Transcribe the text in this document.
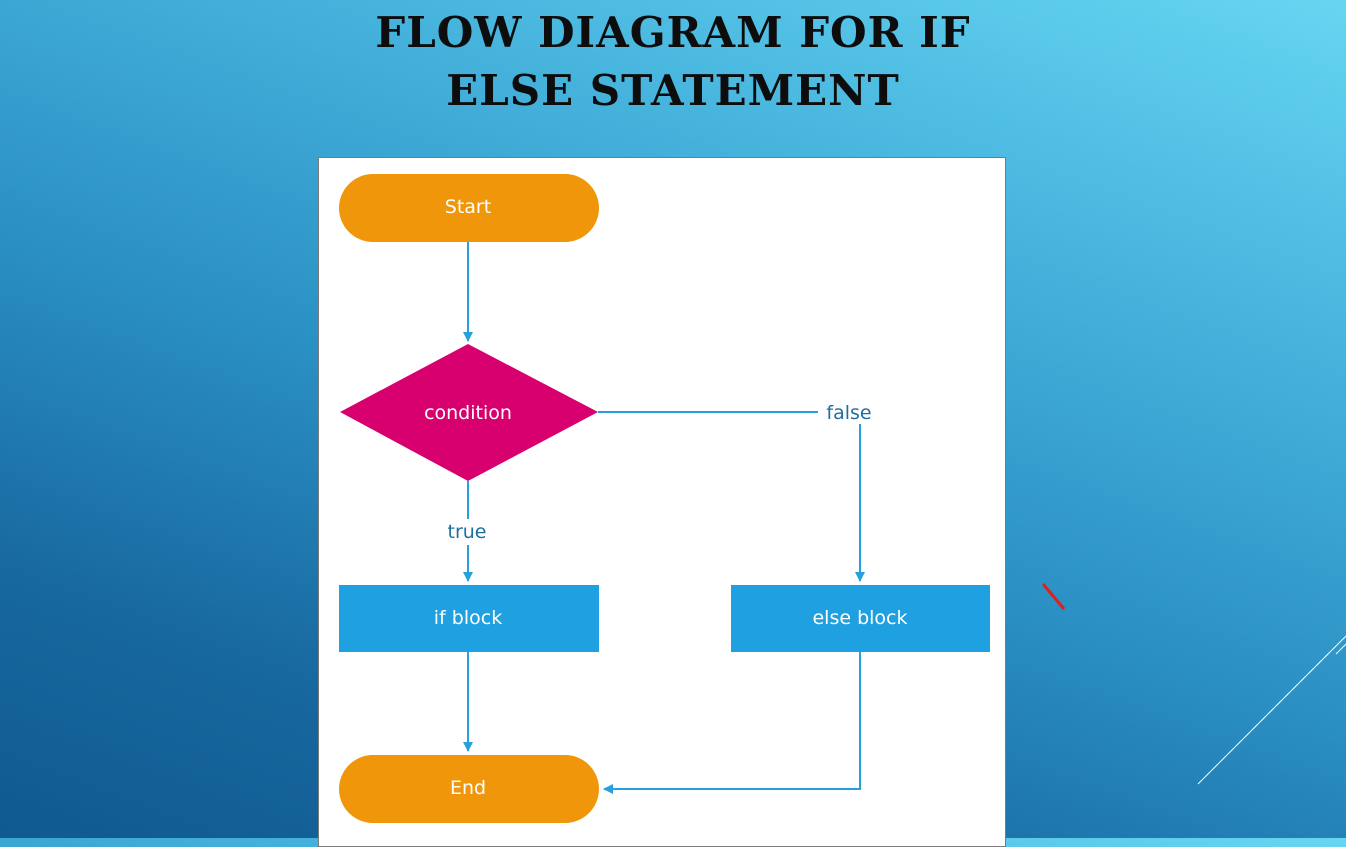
FLOW DIAGRAM FOR IF
ELSE STATEMENT
true
false
Start
condition
if block	else block
End
